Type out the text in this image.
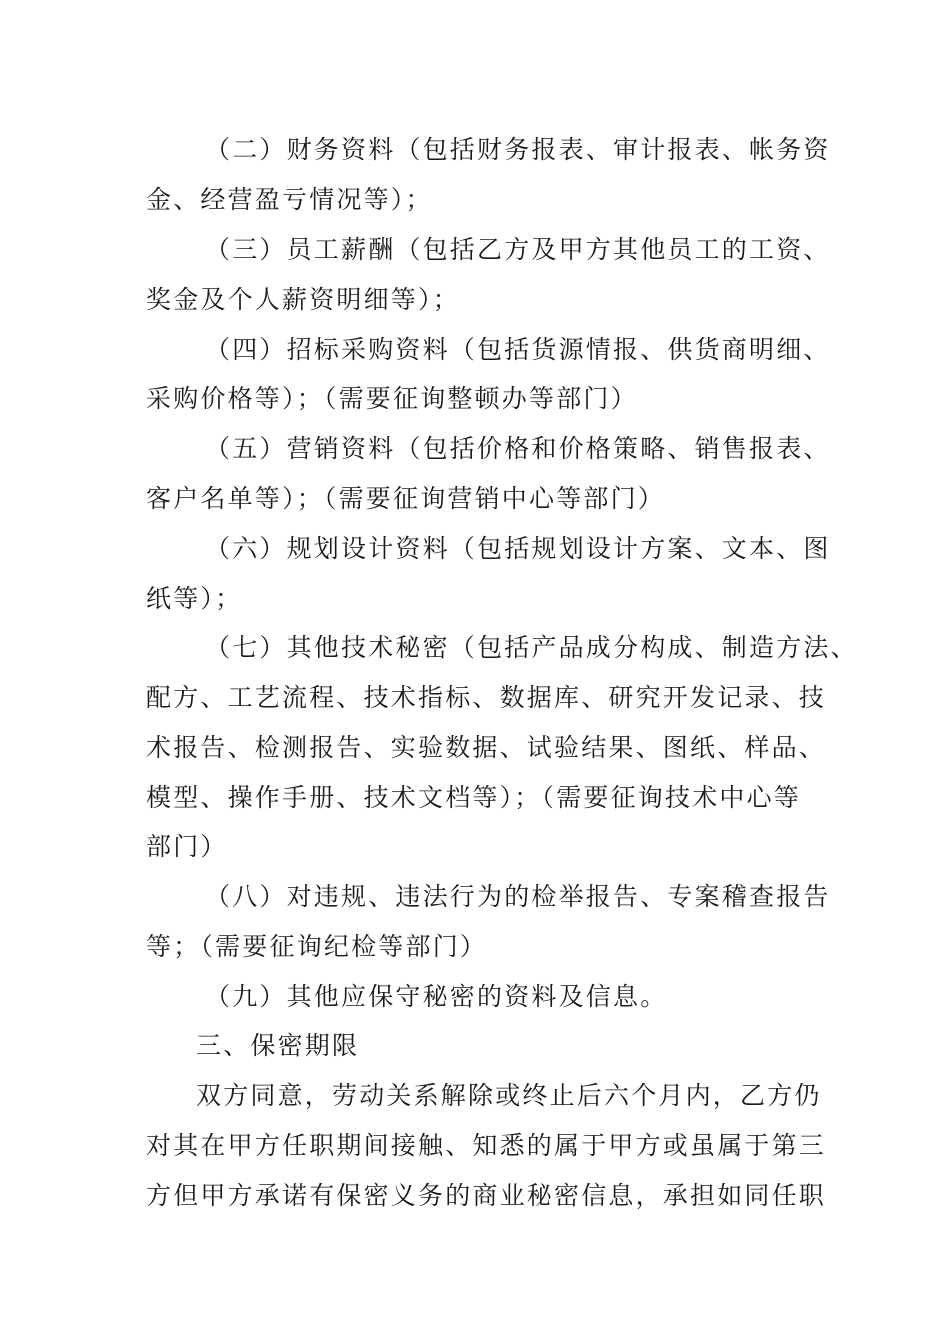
（二）财务资料（包括财务报表、审计报表、帐务资

金、经营盈亏情况等）；

（三）员工薪酬（包括乙方及甲方其他员工的工资、

奖金及个人薪资明细等）；

（四）招标采购资料（包括货源情报、供货商明细、

采购价格等）；（需要征询整顿办等部门）

（五）营销资料（包括价格和价格策略、销售报表、

客户名单等）；（需要征询营销中心等部门）

（六）规划设计资料（包括规划设计方案、文本、图

纸等）；

（七）其他技术秘密（包括产品成分构成、制造方法、

配方、工艺流程、技术指标、数据库、研究开发记录、技

术报告、检测报告、实验数据、试验结果、图纸、样品、

模型、操作手册、技术文档等）；（需要征询技术中心等

部门）

（八）对违规、违法行为的检举报告、专案稽查报告

等；（需要征询纪检等部门）

（九）其他应保守秘密的资料及信息。

三、保密期限

双方同意，劳动关系解除或终止后六个月内，乙方仍

对其在甲方任职期间接触、知悉的属于甲方或虽属于第三

方但甲方承诺有保密义务的商业秘密信息，承担如同任职
